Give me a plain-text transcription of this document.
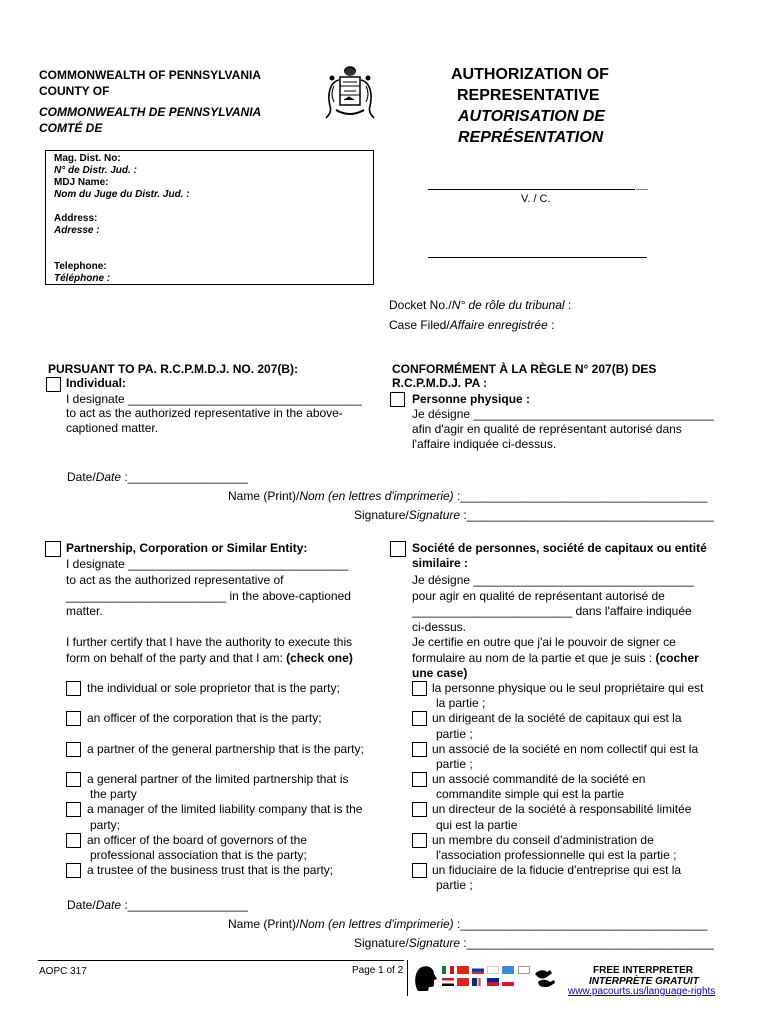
COMMONWEALTH OF PENNSYLVANIA
COUNTY OF
COMMONWEALTH DE PENNSYLVANIA
COMTÉ DE
AUTHORIZATION OF
REPRESENTATIVE
AUTORISATION DE
REPRÉSENTATION
Mag. Dist. No:
N° de Distr. Jud. :
MDJ Name:
Nom du Juge du Distr. Jud. :
Address:
Adresse :
Telephone:
Téléphone :
V. / C.
Docket No./N° de rôle du tribunal :
Case Filed/Affaire enregistrée :
PURSUANT TO PA. R.C.P.M.D.J. NO. 207(B):
Individual:
I designate ___________________________________
to act as the authorized representative in the above-
captioned matter.
CONFORMÉMENT À LA RÈGLE N° 207(B) DES
R.C.P.M.D.J. PA :
Personne physique :
Je désigne ____________________________________
afin d'agir en qualité de représentant autorisé dans
l'affaire indiquée ci-dessus.
Date/Date :__________________
Name (Print)/Nom (en lettres d'imprimerie) :_____________________________________
Signature/Signature :_____________________________________
Partnership, Corporation or Similar Entity:
I designate _________________________________
to act as the authorized representative of
________________________ in the above-captioned
matter.
I further certify that I have the authority to execute this
form on behalf of the party and that I am: (check one)
Société de personnes, société de capitaux ou entité
similaire :
Je désigne _________________________________
pour agir en qualité de représentant autorisé de
________________________ dans l'affaire indiquée
ci-dessus.
Je certifie en outre que j'ai le pouvoir de signer ce
formulaire au nom de la partie et que je suis : (cocher
une case)
the individual or sole proprietor that is the party;
an officer of the corporation that is the party;
a partner of the general partnership that is the party;
a general partner of the limited partnership that is
the party
a manager of the limited liability company that is the
party;
an officer of the board of governors of the
professional association that is the party;
a trustee of the business trust that is the party;
la personne physique ou le seul propriétaire qui est
la partie ;
un dirigeant de la société de capitaux qui est la
partie ;
un associé de la société en nom collectif qui est la
partie ;
un associé commandité de la société en
commandite simple qui est la partie
un directeur de la société à responsabilité limitée
qui est la partie
un membre du conseil d'administration de
l'association professionnelle qui est la partie ;
un fiduciaire de la fiducie d'entreprise qui est la
partie ;
Date/Date :__________________
Name (Print)/Nom (en lettres d'imprimerie) :_____________________________________
Signature/Signature :_____________________________________
AOPC 317	Page 1 of 2	FREE INTERPRETER
INTERPRÈTE GRATUIT
www.pacourts.us/language-rights
